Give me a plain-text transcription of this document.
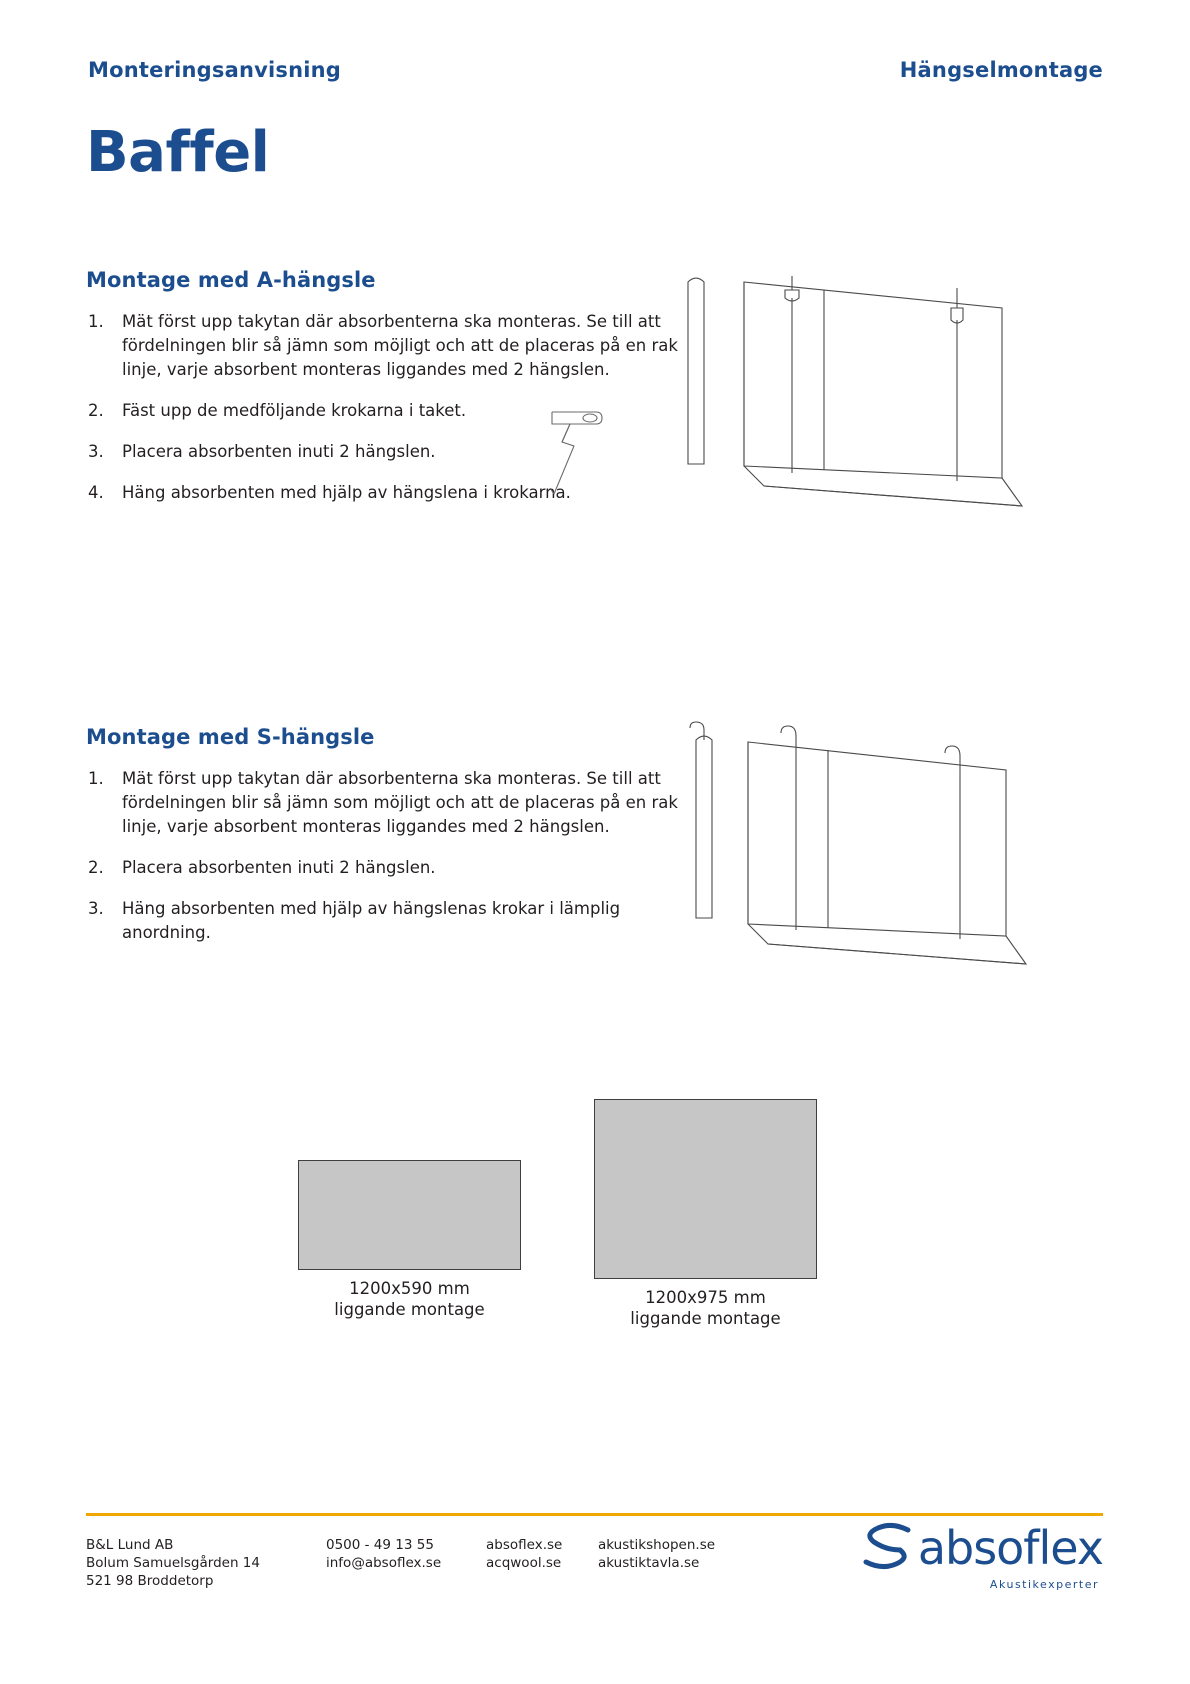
Monteringsanvisning	Hängselmontage
Baffel
Montage med A-hängsle
1.	Mät först upp takytan där absorbenterna ska monteras. Se till att fördelningen blir så jämn som möjligt och att de placeras på en rak linje, varje absorbent monteras liggandes med 2 hängslen.
2.	Fäst upp de medföljande krokarna i taket.
3.	Placera absorbenten inuti 2 hängslen.
4.	Häng absorbenten med hjälp av hängslena i krokarna.
Montage med S-hängsle
1.	Mät först upp takytan där absorbenterna ska monteras. Se till att fördelningen blir så jämn som möjligt och att de placeras på en rak linje, varje absorbent monteras liggandes med 2 hängslen.
2.	Placera absorbenten inuti 2 hängslen.
3.	Häng absorbenten med hjälp av hängslenas krokar i lämplig anordning.
1200x590 mm
liggande montage
1200x975 mm
liggande montage
B&L Lund AB
Bolum Samuelsgården 14
521 98 Broddetorp
0500 - 49 13 55
info@absoflex.se
absoflex.se
acqwool.se
akustikshopen.se
akustiktavla.se	absoflex
Akustikexperter
